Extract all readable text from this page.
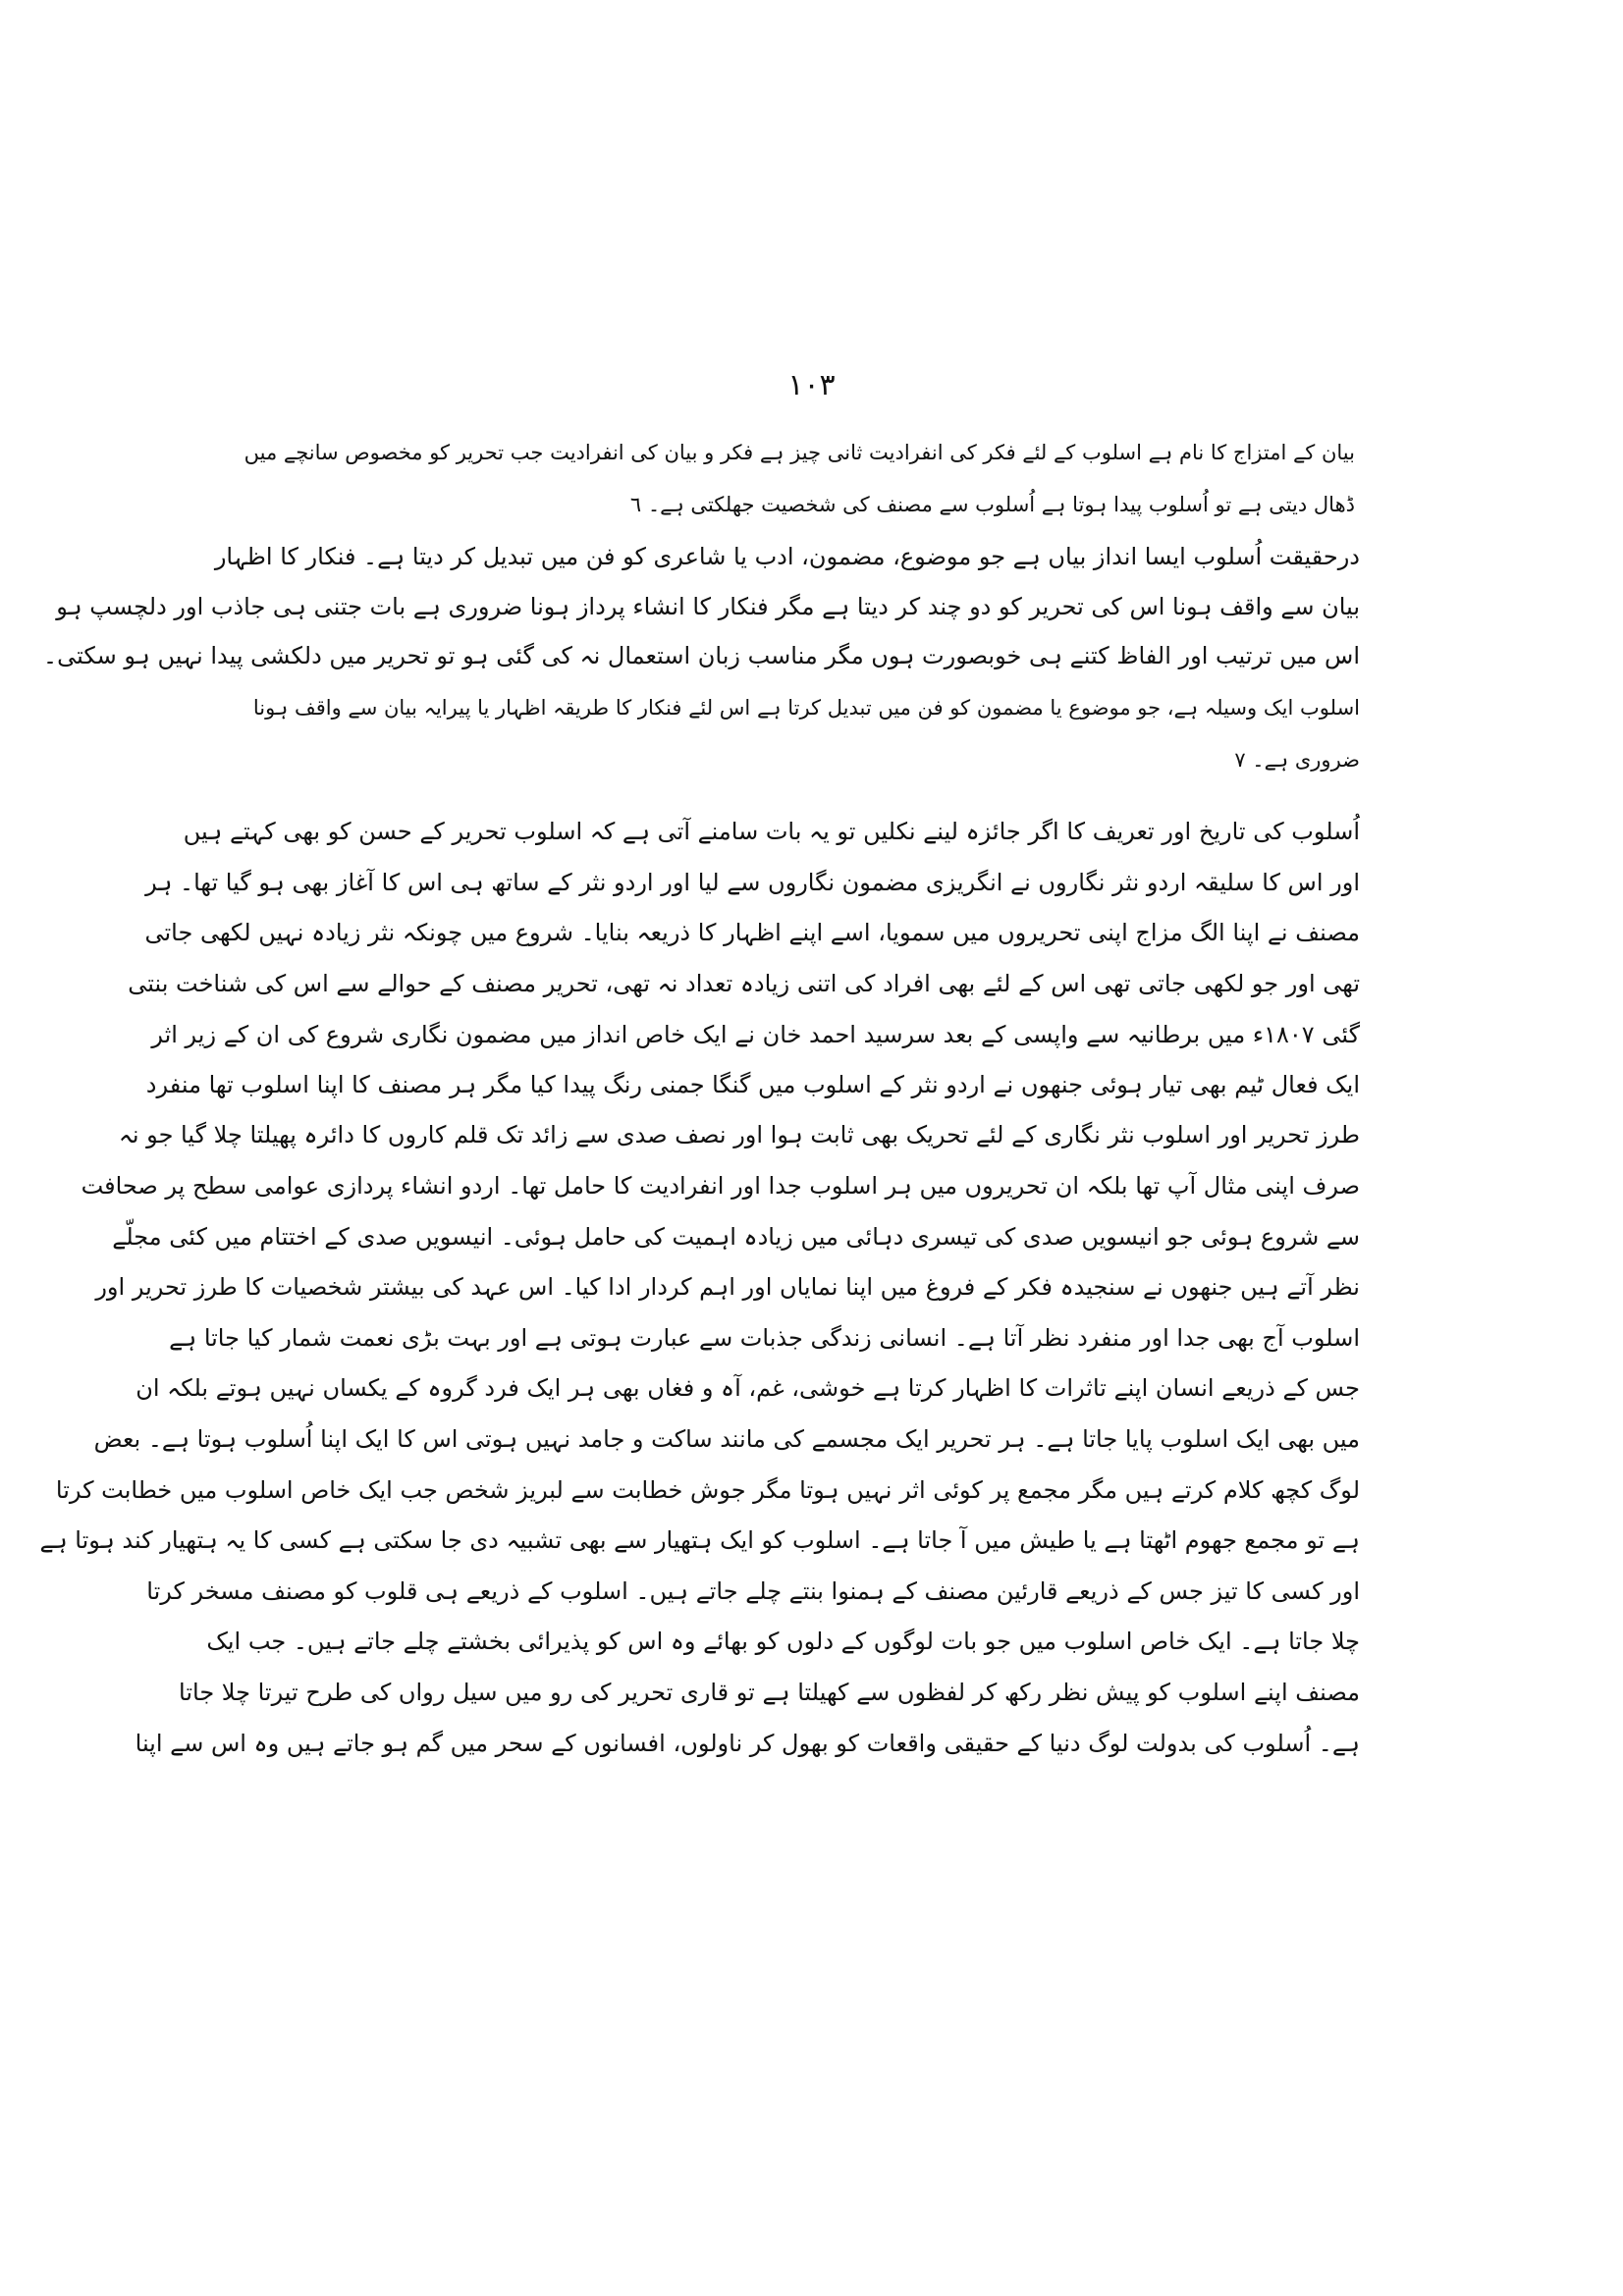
١٠٣
بیان کے امتزاج کا نام ہے اسلوب کے لئے فکر کی انفرادیت ثانی چیز ہے فکر و بیان کی انفرادیت جب تحریر کو مخصوص سانچے میں
ڈھال دیتی ہے تو اُسلوب پیدا ہوتا ہے اُسلوب سے مصنف کی شخصیت جھلکتی ہے۔ ٦
درحقیقت اُسلوب ایسا انداز بیاں ہے جو موضوع، مضمون، ادب یا شاعری کو فن میں تبدیل کر دیتا ہے۔ فنکار کا اظہار
بیان سے واقف ہونا اس کی تحریر کو دو چند کر دیتا ہے مگر فنکار کا انشاء پرداز ہونا ضروری ہے بات جتنی ہی جاذب اور دلچسپ ہو
اس میں ترتیب اور الفاظ کتنے ہی خوبصورت ہوں مگر مناسب زبان استعمال نہ کی گئی ہو تو تحریر میں دلکشی پیدا نہیں ہو سکتی۔
اسلوب ایک وسیلہ ہے، جو موضوع یا مضمون کو فن میں تبدیل کرتا ہے اس لئے فنکار کا طریقہ اظہار یا پیرایہ بیان سے واقف ہونا
ضروری ہے۔ ٧
اُسلوب کی تاریخ اور تعریف کا اگر جائزہ لینے نکلیں تو یہ بات سامنے آتی ہے کہ اسلوب تحریر کے حسن کو بھی کہتے ہیں
اور اس کا سلیقہ اردو نثر نگاروں نے انگریزی مضمون نگاروں سے لیا اور اردو نثر کے ساتھ ہی اس کا آغاز بھی ہو گیا تھا۔ ہر
مصنف نے اپنا الگ مزاج اپنی تحریروں میں سمویا، اسے اپنے اظہار کا ذریعہ بنایا۔ شروع میں چونکہ نثر زیادہ نہیں لکھی جاتی
تھی اور جو لکھی جاتی تھی اس کے لئے بھی افراد کی اتنی زیادہ تعداد نہ تھی، تحریر مصنف کے حوالے سے اس کی شناخت بنتی
گئی ١٨٠٧ء میں برطانیہ سے واپسی کے بعد سرسید احمد خان نے ایک خاص انداز میں مضمون نگاری شروع کی ان کے زیر اثر
ایک فعال ٹیم بھی تیار ہوئی جنھوں نے اردو نثر کے اسلوب میں گنگا جمنی رنگ پیدا کیا مگر ہر مصنف کا اپنا اسلوب تھا منفرد
طرز تحریر اور اسلوب نثر نگاری کے لئے تحریک بھی ثابت ہوا اور نصف صدی سے زائد تک قلم کاروں کا دائرہ پھیلتا چلا گیا جو نہ
صرف اپنی مثال آپ تھا بلکہ ان تحریروں میں ہر اسلوب جدا اور انفرادیت کا حامل تھا۔ اردو انشاء پردازی عوامی سطح پر صحافت
سے شروع ہوئی جو انیسویں صدی کی تیسری دہائی میں زیادہ اہمیت کی حامل ہوئی۔ انیسویں صدی کے اختتام میں کئی مجلّے
نظر آتے ہیں جنھوں نے سنجیدہ فکر کے فروغ میں اپنا نمایاں اور اہم کردار ادا کیا۔ اس عہد کی بیشتر شخصیات کا طرز تحریر اور
اسلوب آج بھی جدا اور منفرد نظر آتا ہے۔ انسانی زندگی جذبات سے عبارت ہوتی ہے اور بہت بڑی نعمت شمار کیا جاتا ہے
جس کے ذریعے انسان اپنے تاثرات کا اظہار کرتا ہے خوشی، غم، آہ و فغاں بھی ہر ایک فرد گروہ کے یکساں نہیں ہوتے بلکہ ان
میں بھی ایک اسلوب پایا جاتا ہے۔ ہر تحریر ایک مجسمے کی مانند ساکت و جامد نہیں ہوتی اس کا ایک اپنا اُسلوب ہوتا ہے۔ بعض
لوگ کچھ کلام کرتے ہیں مگر مجمع پر کوئی اثر نہیں ہوتا مگر جوش خطابت سے لبریز شخص جب ایک خاص اسلوب میں خطابت کرتا
ہے تو مجمع جھوم اٹھتا ہے یا طیش میں آ جاتا ہے۔ اسلوب کو ایک ہتھیار سے بھی تشبیہ دی جا سکتی ہے کسی کا یہ ہتھیار کند ہوتا ہے
اور کسی کا تیز جس کے ذریعے قارئین مصنف کے ہمنوا بنتے چلے جاتے ہیں۔ اسلوب کے ذریعے ہی قلوب کو مصنف مسخر کرتا
چلا جاتا ہے۔ ایک خاص اسلوب میں جو بات لوگوں کے دلوں کو بھائے وہ اس کو پذیرائی بخشتے چلے جاتے ہیں۔ جب ایک
مصنف اپنے اسلوب کو پیش نظر رکھ کر لفظوں سے کھیلتا ہے تو قاری تحریر کی رو میں سیل رواں کی طرح تیرتا چلا جاتا
ہے۔ اُسلوب کی بدولت لوگ دنیا کے حقیقی واقعات کو بھول کر ناولوں، افسانوں کے سحر میں گم ہو جاتے ہیں وہ اس سے اپنا
